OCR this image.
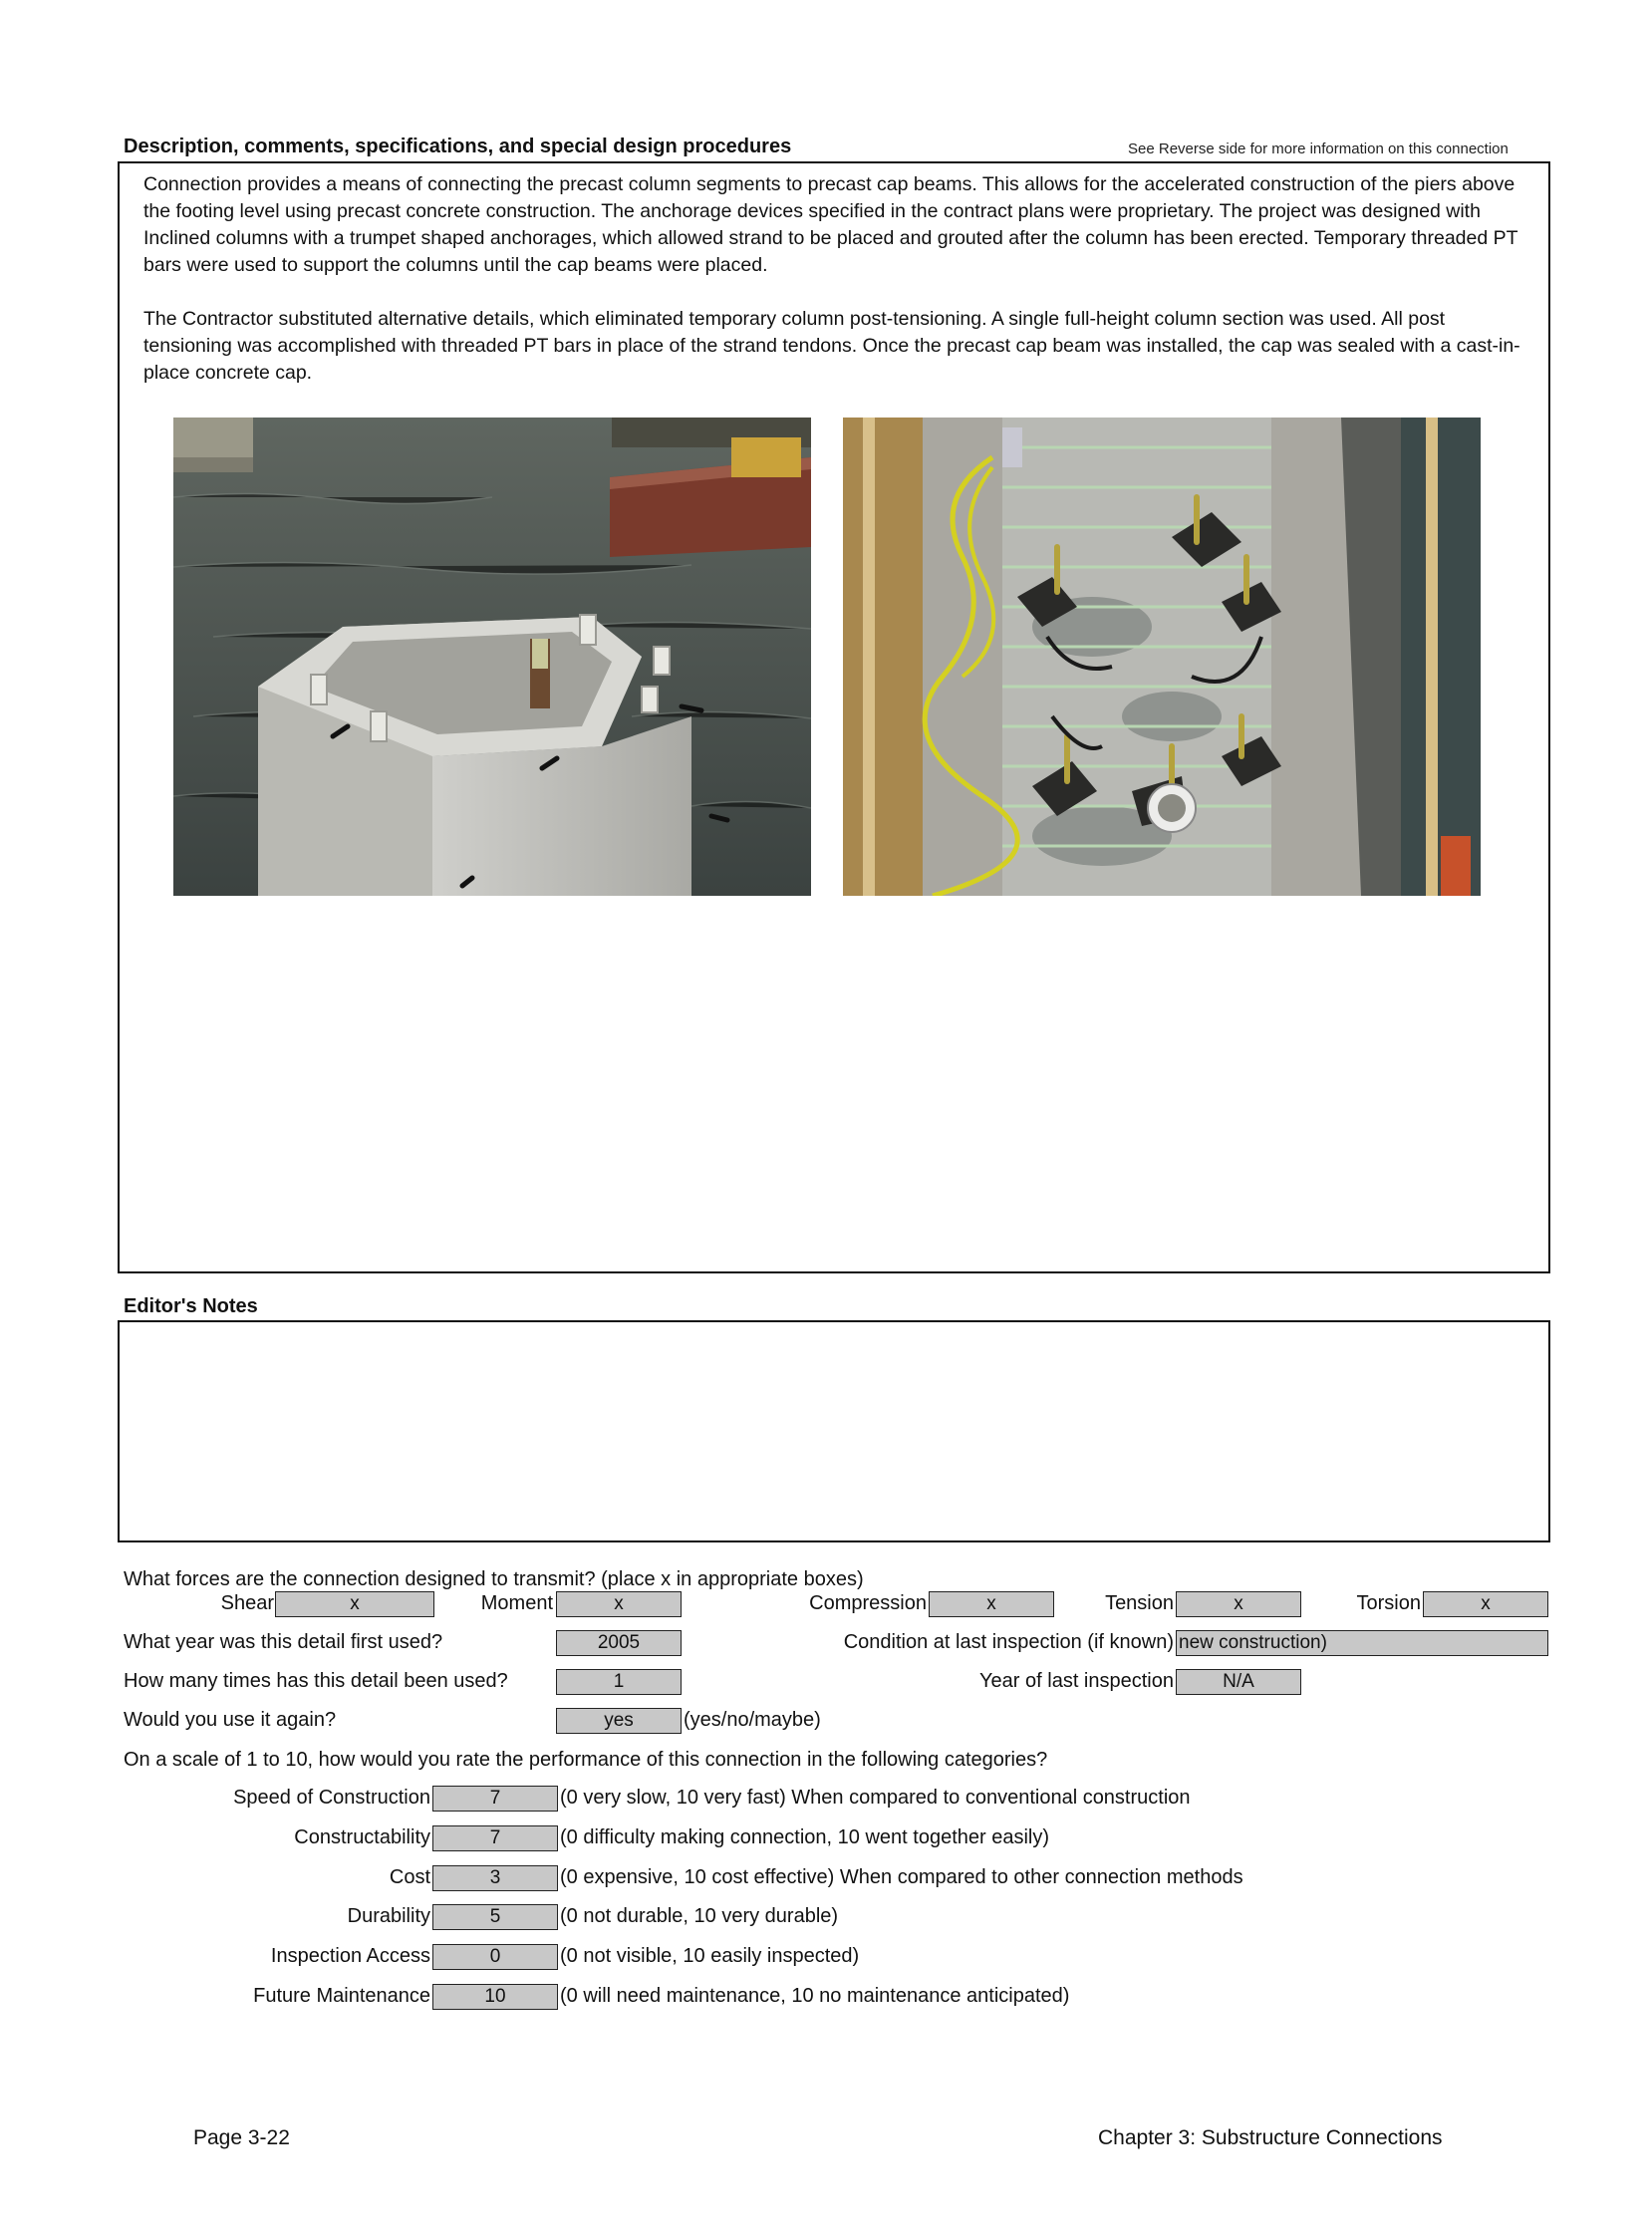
Description, comments, specifications, and special design procedures	See Reverse side for more information on this connection

Connection provides a means of connecting the precast column segments to precast cap beams. This allows for the accelerated construction of the piers above the footing level using precast concrete construction. The anchorage devices specified in the contract plans were proprietary. The project was designed with Inclined columns with a trumpet shaped anchorages, which allowed strand to be placed and grouted after the column has been erected. Temporary threaded PT bars were used to support the columns until the cap beams were placed.

The Contractor substituted alternative details, which eliminated temporary column post-tensioning. A single full-height column section was used. All post tensioning was accomplished with threaded PT bars in place of the strand tendons. Once the precast cap beam was installed, the cap was sealed with a cast-in-place concrete cap.

Editor's Notes
What forces are the connection designed to transmit? (place x in appropriate boxes)
Shear	x	Moment	x	Compression	x	Tension	x	Torsion	x
What year was this detail first used?	2005	Condition at last inspection (if known) new construction)
How many times has this detail been used?	1	Year of last inspection	N/A
Would you use it again?	yes	(yes/no/maybe)
On a scale of 1 to 10, how would you rate the performance of this connection in the following categories?
Speed of Construction	7	(0 very slow, 10 very fast) When compared to conventional construction
Constructability	7	(0 difficulty making connection, 10 went together easily)
Cost	3	(0 expensive, 10 cost effective) When compared to other connection methods
Durability	5	(0 not durable, 10 very durable)
Inspection Access	0	(0 not visible, 10 easily inspected)
Future Maintenance	10	(0 will need maintenance, 10 no maintenance anticipated)
Page 3-22	Chapter 3: Substructure Connections
